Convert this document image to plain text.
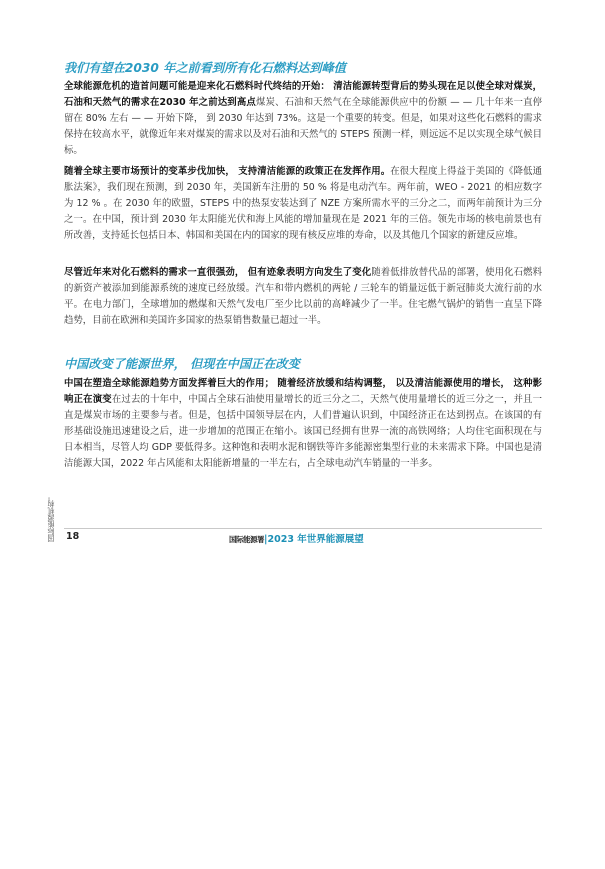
我们有望在2030 年之前看到所有化石燃料达到峰值

全球能源危机的造首问题可能是迎来化石燃料时代终结的开始： 清洁能源转型背后的势头现在足以使全球对煤炭， 石油和天然气的需求在2030 年之前达到高点煤炭、石油和天然气在全球能源供应中的份额 — — 几十年来一直停留在 80% 左右 — — 开始下降， 到 2030 年达到 73%。这是一个重要的转变。但是，如果对这些化石燃料的需求保持在较高水平，就像近年来对煤炭的需求以及对石油和天然气的 STEPS 预测一样，则远远不足以实现全球气候目标。

随着全球主要市场预计的变革步伐加快， 支持清洁能源的政策正在发挥作用。在很大程度上得益于美国的《降低通胀法案》，我们现在预测，到 2030 年，美国新车注册的 50 % 将是电动汽车。两年前，WEO - 2021 的相应数字为 12 % 。在 2030 年的欧盟，STEPS 中的热泵安装达到了 NZE 方案所需水平的三分之二，而两年前预计为三分之一。在中国，预计到 2030 年太阳能光伏和海上风能的增加量现在是 2021 年的三倍。领先市场的核电前景也有所改善，支持延长包括日本、韩国和美国在内的国家的现有核反应堆的寿命，以及其他几个国家的新建反应堆。

尽管近年来对化石燃料的需求一直很强劲， 但有迹象表明方向发生了变化随着低排放替代品的部署，使用化石燃料的新资产被添加到能源系统的速度已经放缓。汽车和带内燃机的两轮 / 三轮车的销量远低于新冠肺炎大流行前的水平。在电力部门，全球增加的燃煤和天然气发电厂至少比以前的高峰减少了一半。住宅燃气锅炉的销售一直呈下降趋势，目前在欧洲和美国许多国家的热泵销售数量已超过一半。

中国改变了能源世界， 但现在中国正在改变

中国在塑造全球能源趋势方面发挥着巨大的作用； 随着经济放缓和结构调整， 以及清洁能源使用的增长， 这种影响正在演变在过去的十年中，中国占全球石油使用量增长的近三分之二，天然气使用量增长的近三分之一，并且一直是煤炭市场的主要参与者。但是，包括中国领导层在内，人们普遍认识到，中国经济正在达到拐点。在该国的有形基础设施迅速建设之后，进一步增加的范围正在缩小。该国已经拥有世界一流的高铁网络；人均住宅面积现在与日本相当，尽管人均 GDP 要低得多。这种饱和表明水泥和钢铁等许多能源密集型行业的未来需求下降。中国也是清洁能源大国，2022 年占风能和太阳能新增量的一半左右，占全球电动汽车销量的一半多。

国际能源机构。	18	国际能源署|2023 年世界能源展望
